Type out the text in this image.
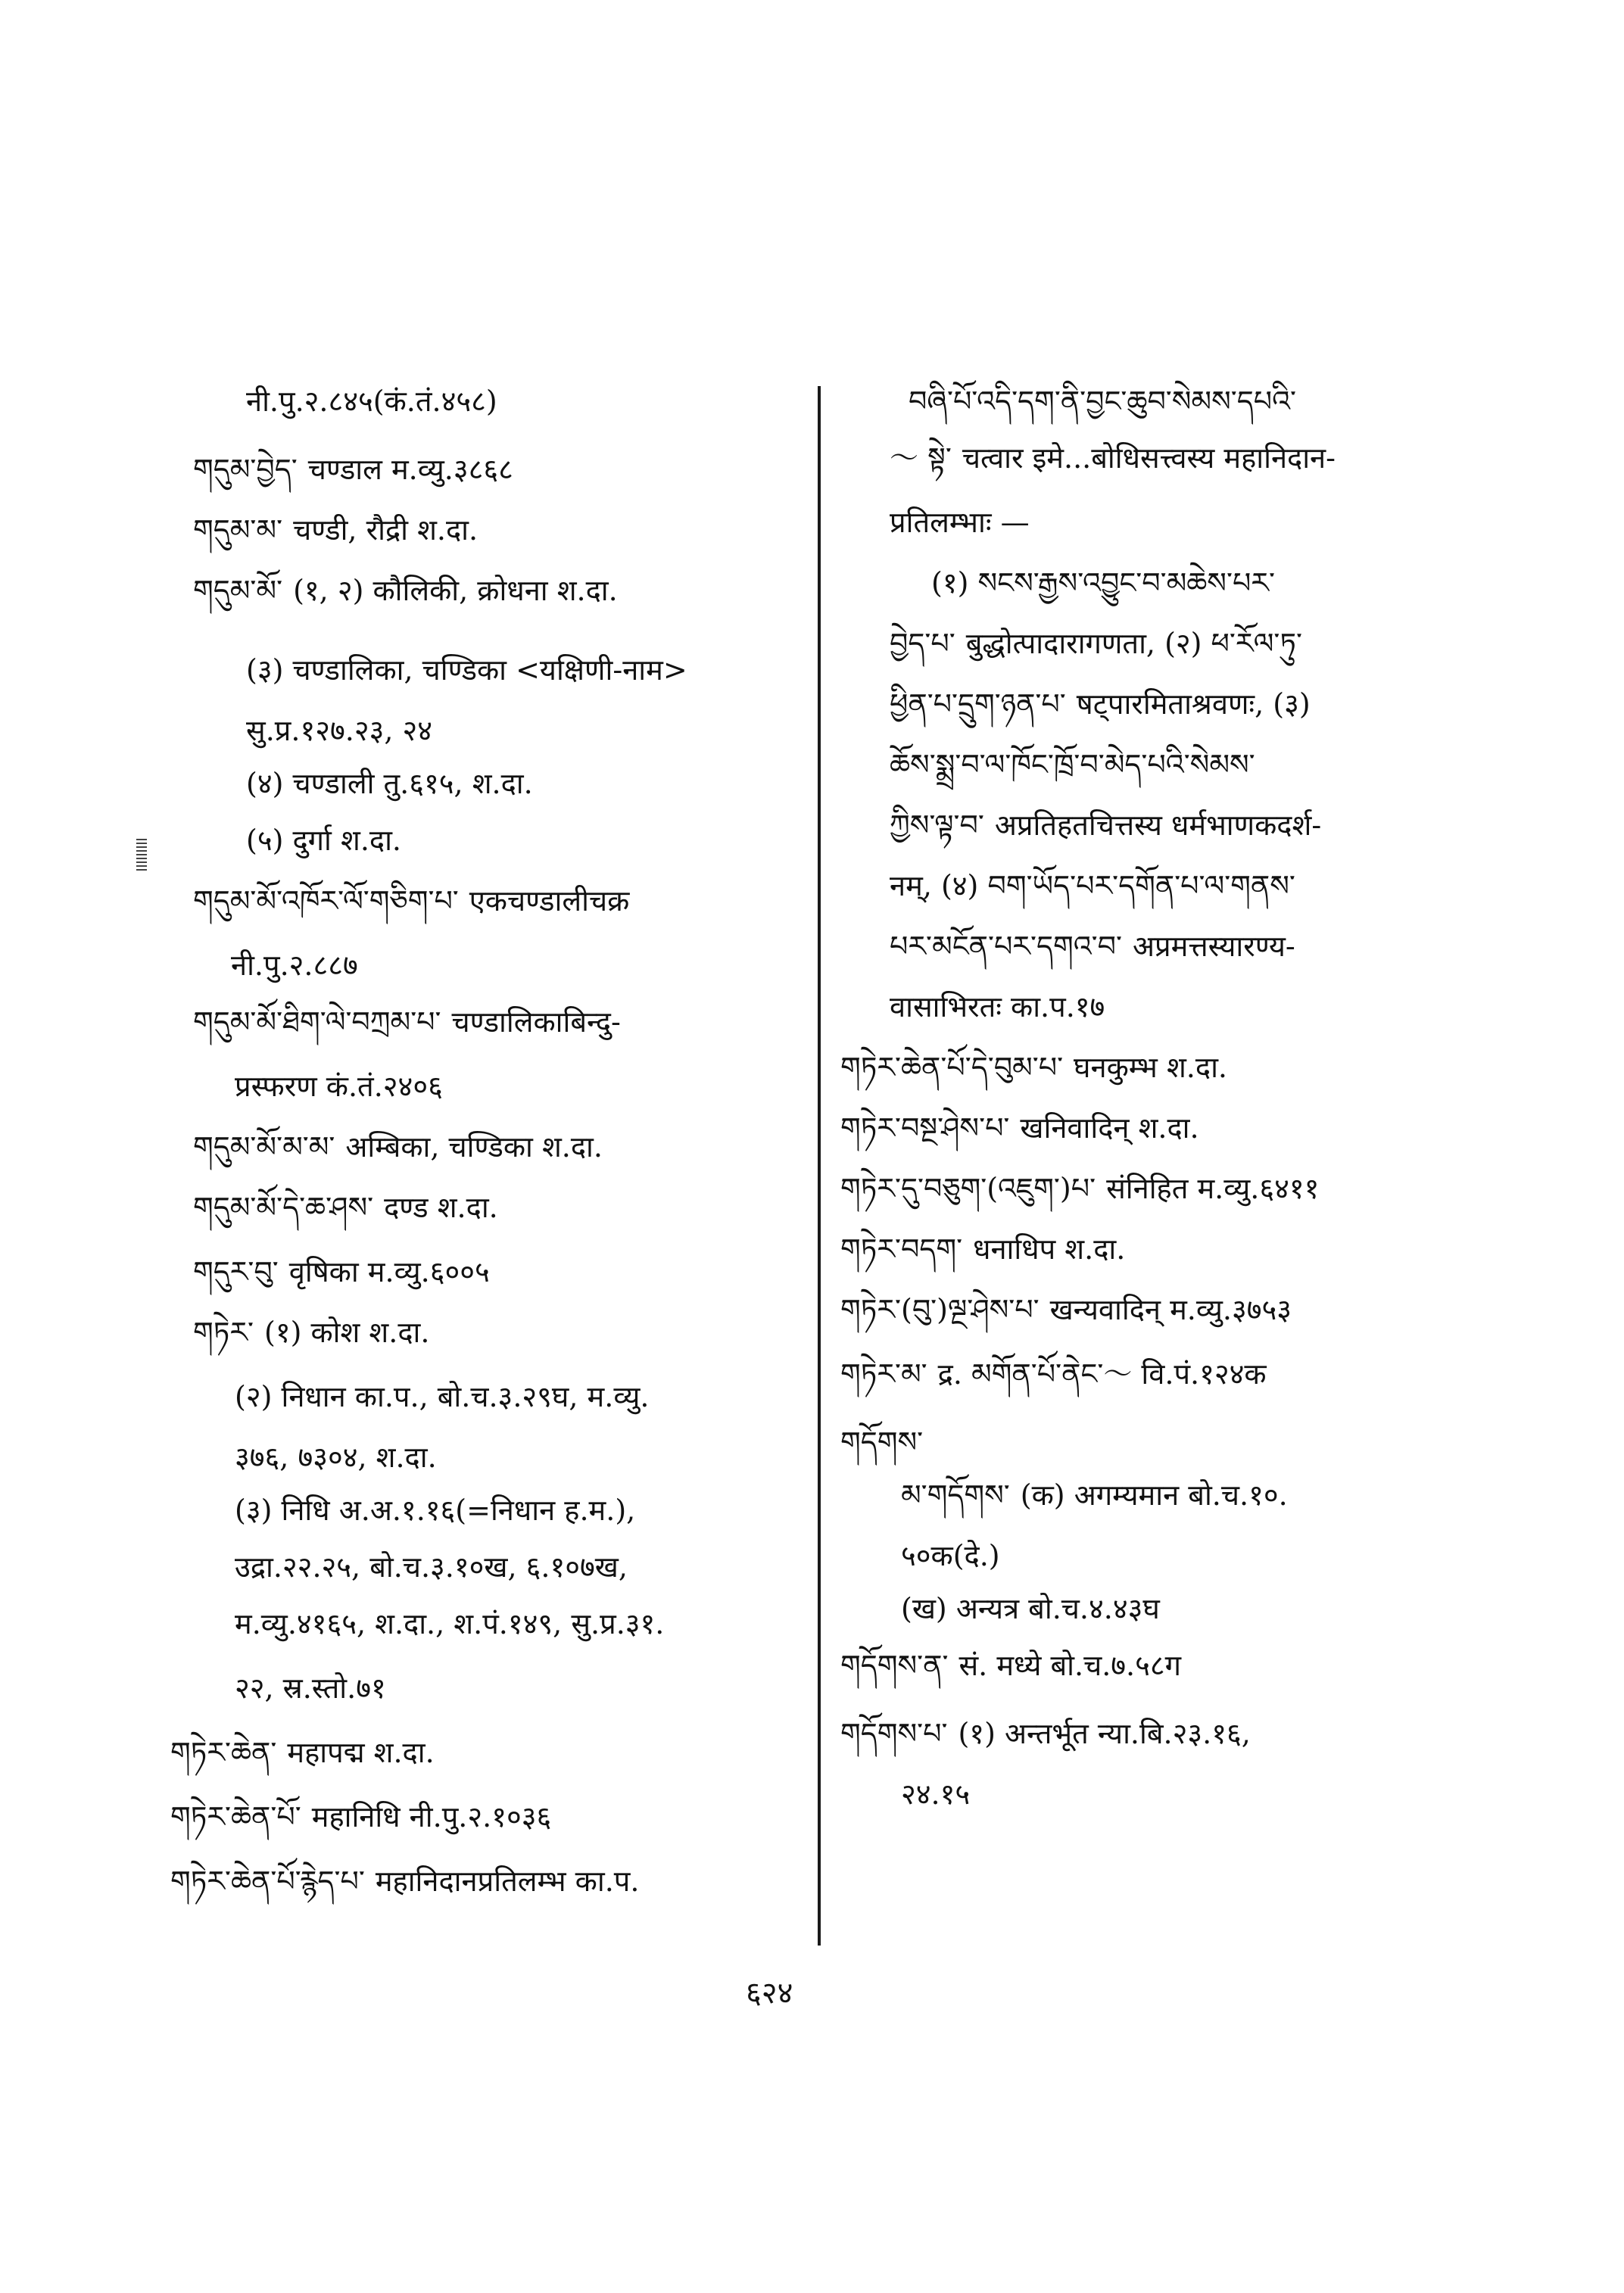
नी.पु.२.८४५(कं.तं.४५८)
གདུམ་བྱེད་ चण्डाल म.व्यु.३८६८
གདུམ་མ་ चण्डी, रौद्री श.दा.
གདུམ་མོ་ (१, २) कौलिकी, क्रोधना श.दा.
(३) चण्डालिका, चण्डिका <यक्षिणी-नाम>
सु.प्र.१२७.२३, २४
(४) चण्डाली तु.६१५, श.दा.
(५) दुर्गा श.दा.
གདུམ་མོ་འཁོར་ལོ་གཅིག་པ་ एकचण्डालीचक्र
नी.पु.२.८८७
གདུམ་མོ་ཐིག་ལེ་བཀྲམ་པ་ चण्डालिकाबिन्दु-
प्रस्फरण कं.तं.२४०६
གདུམ་མོ་མ་མ་ अम्बिका, चण्डिका श.दा.
གདུམ་མོ་དེ་ཆ་ཤས་ दण्ड श.दा.
གདུར་བུ་ वृषिका म.व्यु.६००५
གཏེར་ (१) कोश श.दा.
(२) निधान का.प., बो.च.३.२९घ, म.व्यु.
३७६, ७३०४, श.दा.
(३) निधि अ.अ.१.१६(=निधान ह.म.),
उद्रा.२२.२५, बो.च.३.१०ख, ६.१०७ख,
म.व्यु.४१६५, श.दा., श.पं.१४९, सु.प्र.३१.
२२, स्र.स्तो.७१
གཏེར་ཆེན་ महापद्म श.दा.
གཏེར་ཆེན་པོ་ महानिधि नी.पु.२.१०३६
གཏེར་ཆེན་པོ་རྙེད་པ་ महानिदानप्रतिलम्भ का.प.
བཞི་པོ་འདི་དག་ནི་བྱང་ཆུབ་སེམས་དཔའི་
～ སྟེ་ चत्वार इमे...बोधिसत्त्वस्य महानिदान-
प्रतिलम्भाः —
(१) སངས་རྒྱས་འབྱུང་བ་མཆེས་པར་
བྱེད་པ་ बुद्धोत्पादारागणता, (२) ཕ་རོལ་ཏུ་
ཕྱིན་པ་དྲུག་ཉན་པ་ षट्पारमिताश्रवणः, (३)
ཆོས་སྨྲ་བ་ལ་ཁོང་ཁྲོ་བ་མེད་པའི་སེམས་
ཀྱིས་ལྟ་བ་ अप्रतिहतचित्तस्य धर्मभाणकदर्श-
नम्, (४) བག་ཡོད་པར་དགོན་པ་ལ་གནས་
པར་མངོན་པར་དགའ་བ་ अप्रमत्तस्यारण्य-
वासाभिरतः का.प.१७
གཏེར་ཆེན་པོ་དེ་བུམ་པ་ घनकुम्भ श.दा.
གཏེར་བསྔ་ཤེས་པ་ खनिवादिन् श.दा.
གཏེར་དུ་བཅུག་(འཇུག་)པ་ संनिहित म.व्यु.६४११
གཏེར་བདག་ धनाधिप श.दा.
གཏེར་(བུ་)ལྔ་ཤེས་པ་ खन्यवादिन् म.व्यु.३७५३
གཏེར་མ་ द्र. མགོན་པོ་ནེང་～ वि.पं.१२४क
གདོགས་
མ་གདོགས་ (क) अगम्यमान बो.च.१०.
५०क(दे.)
(ख) अन्यत्र बो.च.४.४३घ
གདོགས་ན་ सं. मध्ये बो.च.७.५८ग
གདོགས་པ་ (१) अन्तर्भूत न्या.बि.२३.१६,
२४.१५
६२४
